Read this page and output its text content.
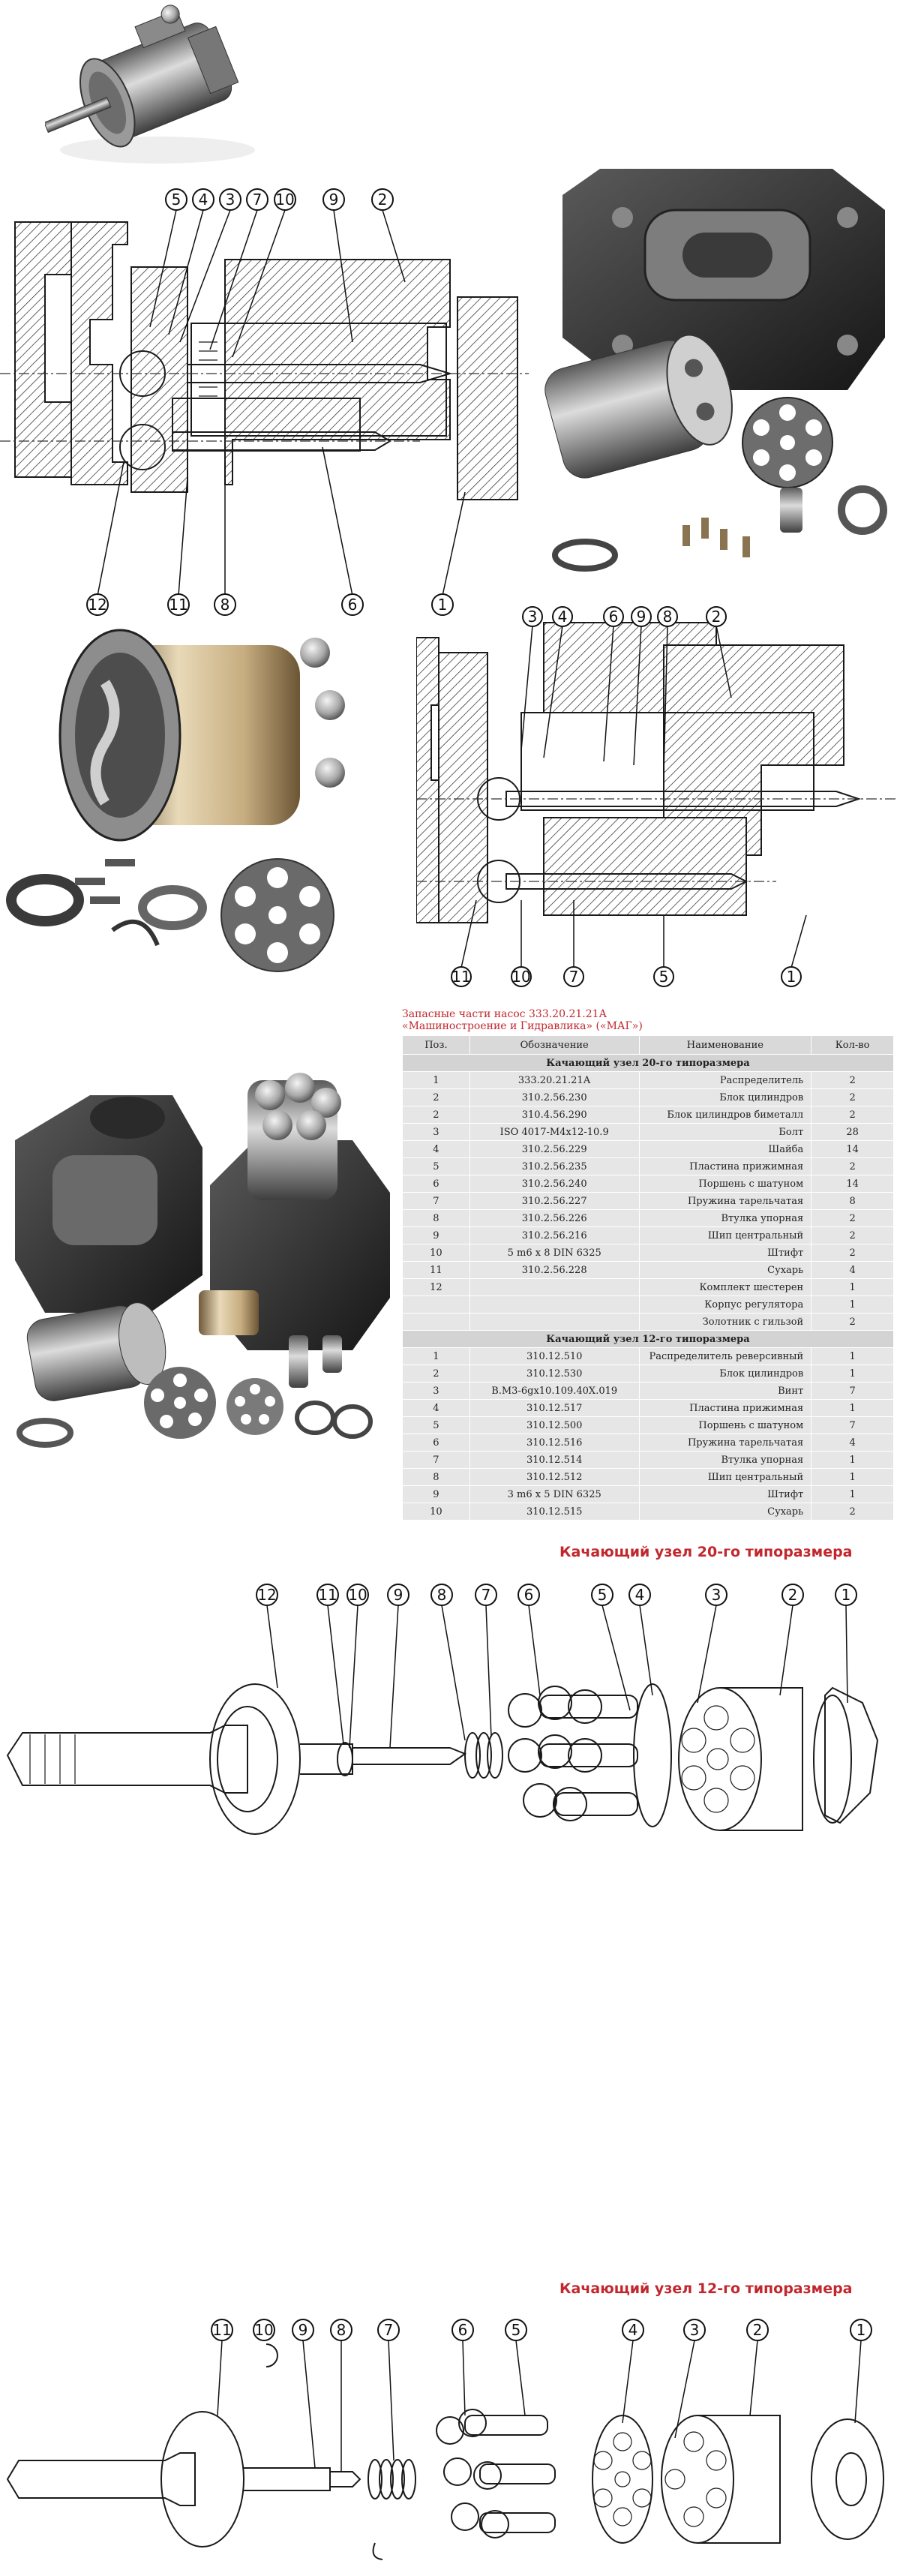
5 4 3 7 10 9	2
12	11 8	6	1
3 4	6 9 8	2
11	10	7	5	1
Запасные части насос 333.20.21.21А
«Машиностроение и Гидравлика» («МАГ»)
Поз.	Обозначение	Наименование	Кол-во
Качающий узел 20-го типоразмера			
1	333.20.21.21А	Распределитель	2
2	310.2.56.230	Блок цилиндров	2
2	310.4.56.290	Блок цилиндров биметалл	2
3	ISO 4017-M4x12-10.9	Болт	28
4	310.2.56.229	Шайба	14
5	310.2.56.235	Пластина прижимная	2
6	310.2.56.240	Поршень с шатуном	14
7	310.2.56.227	Пружина тарельчатая	8
8	310.2.56.226	Втулка упорная	2
9	310.2.56.216	Шип центральный	2
10	5 m6 x 8 DIN 6325	Штифт	2
11	310.2.56.228	Сухарь	4
12		Комплект шестерен	1
		Корпус регулятора	1
		Золотник с гильзой	2
Качающий узел 12-го типоразмера			
1	310.12.510	Распределитель реверсивный	1
2	310.12.530	Блок цилиндров	1
3	В.М3-6gх10.109.40Х.019	Винт	7
4	310.12.517	Пластина прижимная	1
5	310.12.500	Поршень с шатуном	7
6	310.12.516	Пружина тарельчатая	4
7	310.12.514	Втулка упорная	1
8	310.12.512	Шип центральный	1
9	3 m6 x 5 DIN 6325	Штифт	1
10	310.12.515	Сухарь	2
Качающий узел 20-го типоразмера
12	11 10 9 8 7 6	5 4	3	2	1
Качающий узел 12-го типоразмера
11 10 9 8	7	6	5	4	3	2	1
